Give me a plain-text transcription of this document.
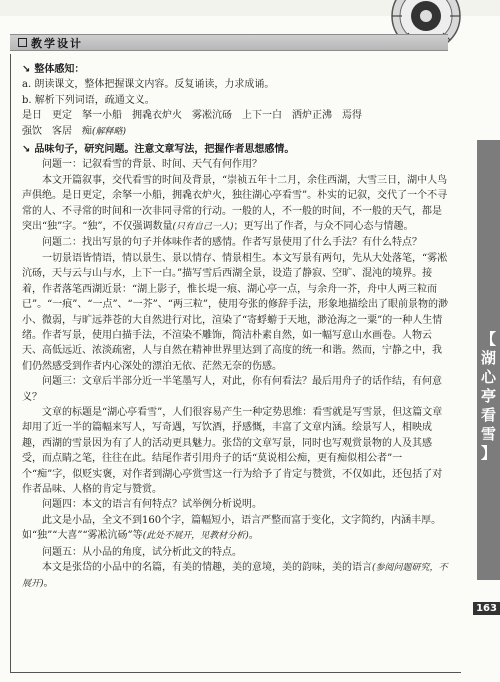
教学设计
【
湖
心
亭
看
雪
】
163

↘ 整体感知：

a. 朗读课文，整体把握课文内容。反复诵读，力求成诵。

b. 解析下列词语，疏通文义。

是日　更定　拏一小船　拥毳衣炉火　雾凇沆砀　上下一白　洒炉正沸　焉得

强饮　客居　痴(解释略)

↘ 品味句子，研究问题。注意文章写法，把握作者思想感情。

问题一：记叙看雪的背景、时间、天气有何作用？

本文开篇叙事，交代看雪的时间及背景，“崇祯五年十二月，余住西湖，大雪三日，湖中人鸟声俱绝。是日更定，余拏一小船，拥毳衣炉火，独往湖心亭看雪”。朴实的记叙，交代了一个不寻常的人、不寻常的时间和一次非同寻常的行动。一般的人，不一般的时间，不一般的天气，都是突出“独”字。“独”，不仅强调数量(只有自己一人)；更写出了作者，与众不同心态与情趣。

问题二：找出写景的句子并体味作者的感情。作者写景使用了什么手法？有什么特点？

一切景语皆情语，情以景生、景以情存、情景相生。本文写景有两句，先从大处落笔，“雾凇沆砀，天与云与山与水，上下一白。”描写雪后西湖全景，设造了静寂、空旷、混沌的境界。接着，作者落笔西湖近景：“湖上影子，惟长堤一痕、湖心亭一点，与余舟一芥，舟中人两三粒而已”。“一痕”、“一点”、“一芥”、“两三粒”，使用夸张的修辞手法，形象地描绘出了眼前景物的渺小、微弱，与旷远莽苍的大自然进行对比，渲染了“寄蜉蝣于天地，渺沧海之一粟”的一种人生情绪。作者写景，使用白描手法，不渲染不雕饰，简洁朴素自然，如一幅写意山水画卷。人物云天、高低远近、浓淡疏密，人与自然在精神世界里达到了高度的统一和谐。然而，宁静之中，我们仍然感受到作者内心深处的漂泊无依、茫然无奈的伤感。

问题三：文章后半部分近一半笔墨写人，对此，你有何看法？最后用舟子的话作结，有何意义？

文章的标题是“湖心亭看雪”，人们很容易产生一种定势思维：看雪就是写雪景，但这篇文章却用了近一半的篇幅来写人，写奇遇，写饮酒，抒感慨，丰富了文章内涵。绘景写人，相映成趣，西湖的雪景因为有了人的活动更具魅力。张岱的文章写景，同时也写观赏景物的人及其感受，而点睛之笔，往往在此。结尾作者引用舟子的话“莫说相公痴，更有痴似相公者”一个“痴”字，似贬实褒，对作者到湖心亭赏雪这一行为给予了肯定与赞赏，不仅如此，还包括了对作者品味、人格的肯定与赞赏。

问题四：本文的语言有何特点？试举例分析说明。

此文是小品，全文不到160个字，篇幅短小，语言严整而富于变化，文字简约，内涵丰厚。如“独”“大喜”“雾凇沆砀”等(此处不展开，见教材分析)。

问题五：从小品的角度，试分析此文的特点。

本文是张岱的小品中的名篇，有美的情趣，美的意境，美的韵味，美的语言(参阅问题研究，不展开)。
